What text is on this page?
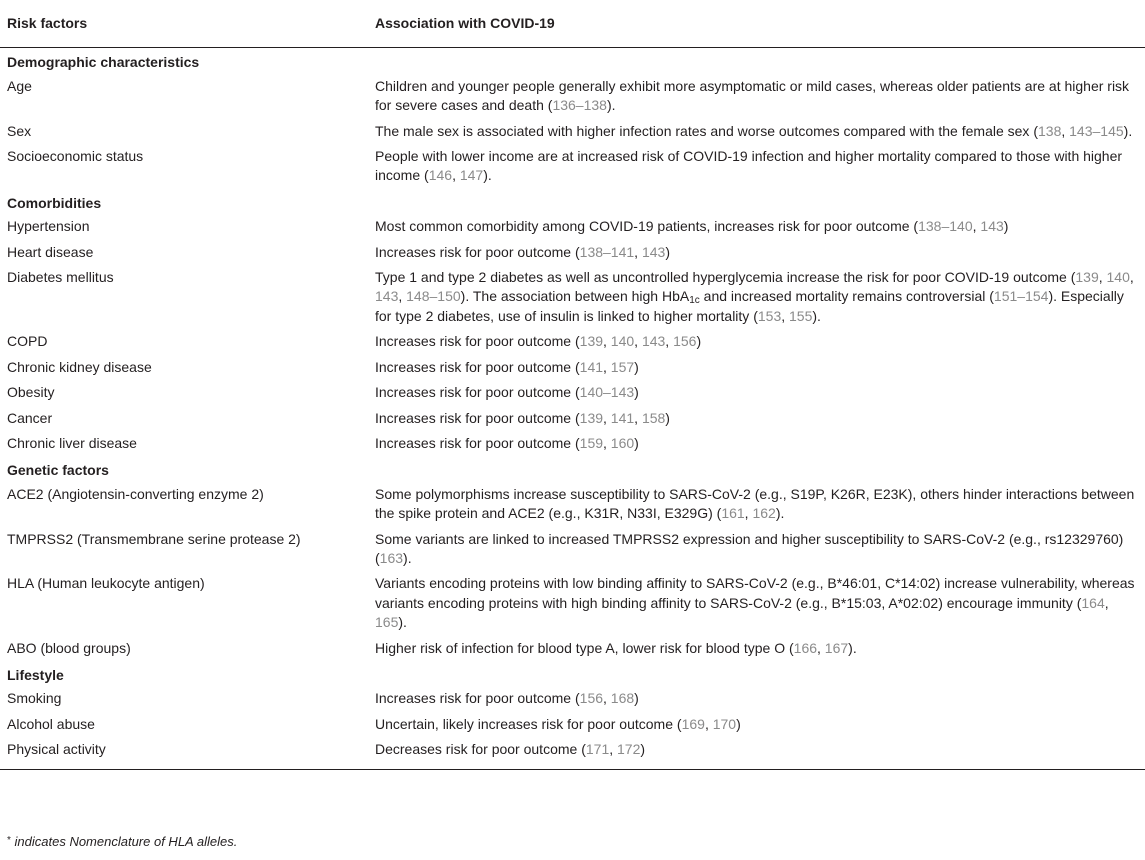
Risk factors	Association with COVID-19
Demographic characteristics	
Age	Children and younger people generally exhibit more asymptomatic or mild cases, whereas older patients are at higher risk for severe cases and death (136–138).
Sex	The male sex is associated with higher infection rates and worse outcomes compared with the female sex (138, 143–145).
Socioeconomic status	People with lower income are at increased risk of COVID-19 infection and higher mortality compared to those with higher income (146, 147).
Comorbidities	
Hypertension	Most common comorbidity among COVID-19 patients, increases risk for poor outcome (138–140, 143)
Heart disease	Increases risk for poor outcome (138–141, 143)
Diabetes mellitus	Type 1 and type 2 diabetes as well as uncontrolled hyperglycemia increase the risk for poor COVID-19 outcome (139, 140, 143, 148–150). The association between high HbA$_{1c}$ and increased mortality remains controversial (151–154). Especially for type 2 diabetes, use of insulin is linked to higher mortality (153, 155).
COPD	Increases risk for poor outcome (139, 140, 143, 156)
Chronic kidney disease	Increases risk for poor outcome (141, 157)
Obesity	Increases risk for poor outcome (140–143)
Cancer	Increases risk for poor outcome (139, 141, 158)
Chronic liver disease	Increases risk for poor outcome (159, 160)
Genetic factors	
ACE2 (Angiotensin-converting enzyme 2)	Some polymorphisms increase susceptibility to SARS-CoV-2 (e.g., S19P, K26R, E23K), others hinder interactions between the spike protein and ACE2 (e.g., K31R, N33I, E329G) (161, 162).
TMPRSS2 (Transmembrane serine protease 2)	Some variants are linked to increased TMPRSS2 expression and higher susceptibility to SARS-CoV-2 (e.g., rs12329760) (163).
HLA (Human leukocyte antigen)	Variants encoding proteins with low binding affinity to SARS-CoV-2 (e.g., B*46:01, C*14:02) increase vulnerability, whereas variants encoding proteins with high binding affinity to SARS-CoV-2 (e.g., B*15:03, A*02:02) encourage immunity (164, 165).
ABO (blood groups)	Higher risk of infection for blood type A, lower risk for blood type O (166, 167).
Lifestyle	
Smoking	Increases risk for poor outcome (156, 168)
Alcohol abuse	Uncertain, likely increases risk for poor outcome (169, 170)
Physical activity	Decreases risk for poor outcome (171, 172)
* indicates Nomenclature of HLA alleles.
